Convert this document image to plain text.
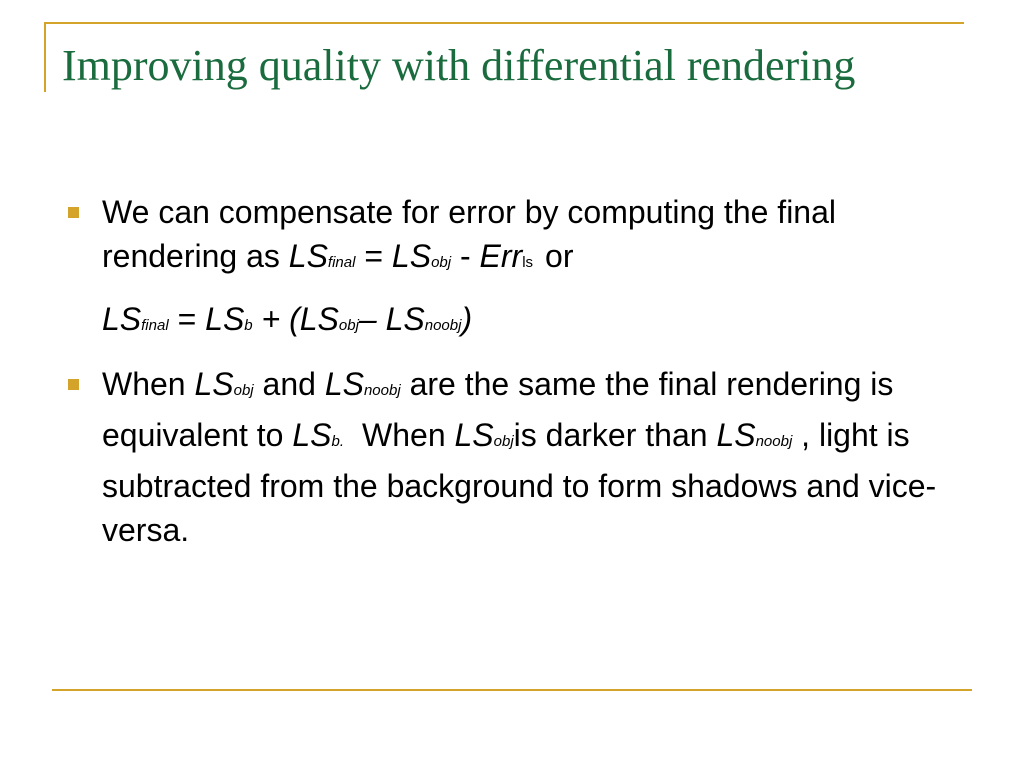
Improving quality with differential rendering
We can compensate for error by computing the final rendering as LSfinal = LSobj - Errls or
LSfinal = LSb + (LSobj– LSnoobj)
When LSobj and LSnoobj are the same the final rendering is equivalent to LSb. When LSobjis darker than LSnoobj , light is subtracted from the background to form shadows and vice-versa.
